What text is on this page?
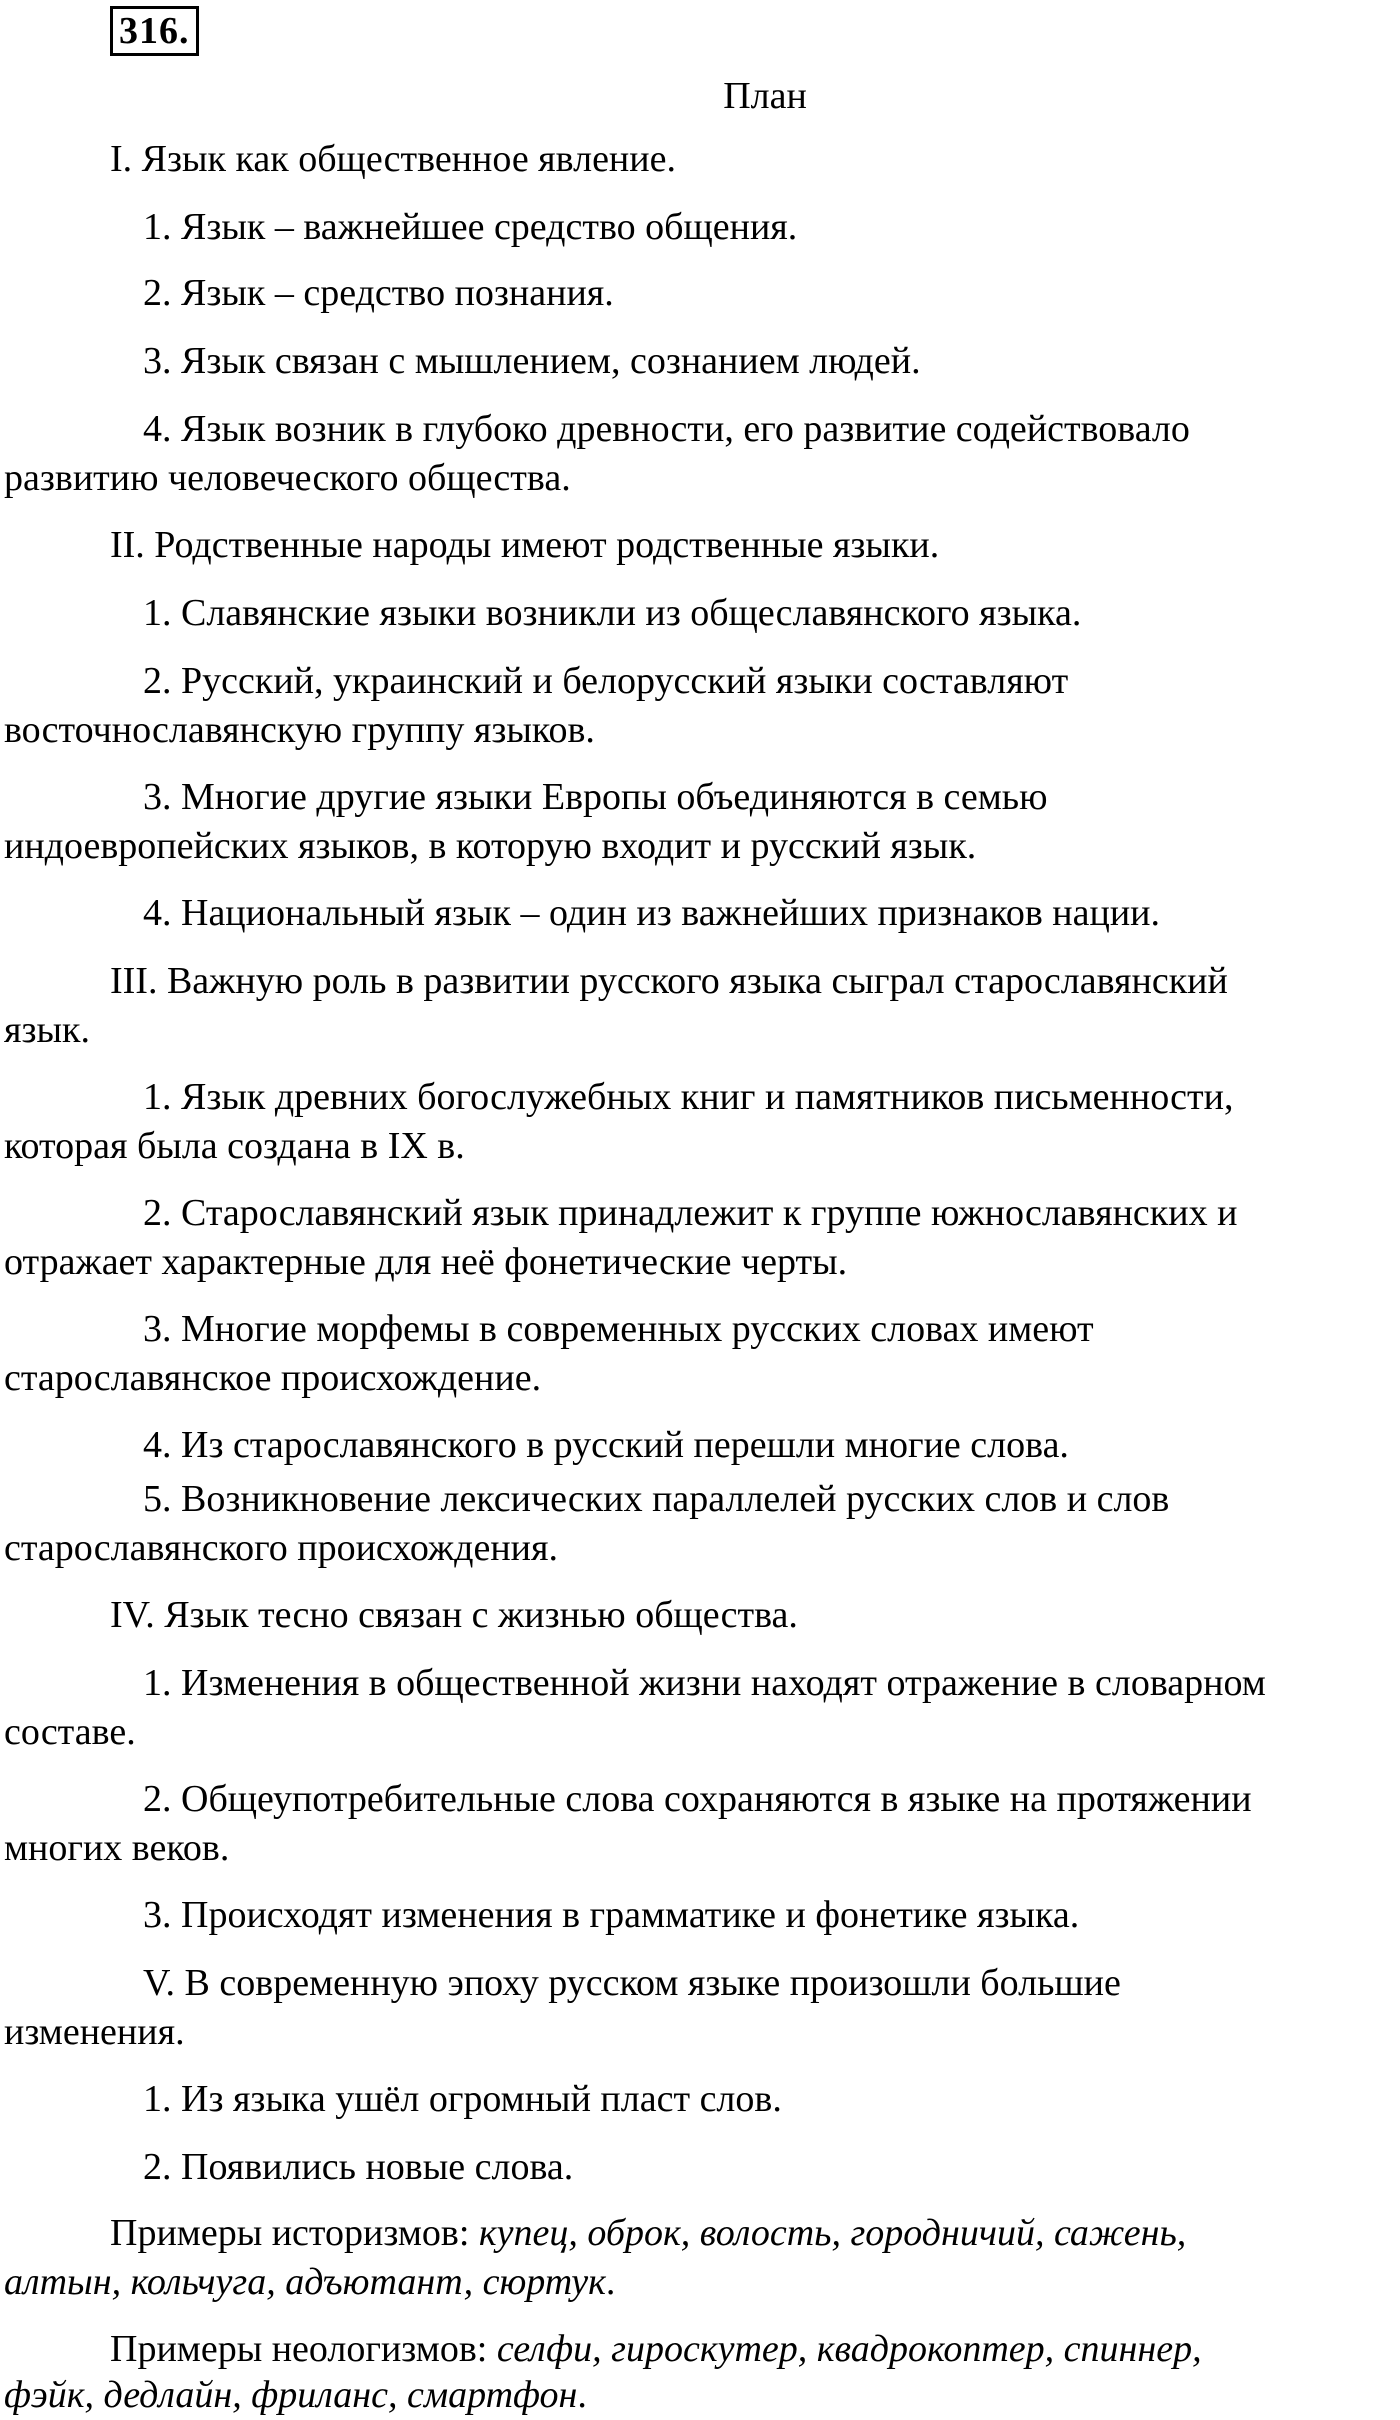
316.
План

I. Язык как общественное явление.

1. Язык – важнейшее средство общения.

2. Язык – средство познания.

3. Язык связан с мышлением, сознанием людей.

4. Язык возник в глубоко древности, его развитие содействовало

развитию человеческого общества.

II. Родственные народы имеют родственные языки.

1. Славянские языки возникли из общеславянского языка.

2. Русский, украинский и белорусский языки составляют

восточнославянскую группу языков.

3. Многие другие языки Европы объединяются в семью

индоевропейских языков, в которую входит и русский язык.

4. Национальный язык – один из важнейших признаков нации.

III. Важную роль в развитии русского языка сыграл старославянский

язык.

1. Язык древних богослужебных книг и памятников письменности,

которая была создана в IX в.

2. Старославянский язык принадлежит к группе южнославянских и

отражает характерные для неё фонетические черты.

3. Многие морфемы в современных русских словах имеют

старославянское происхождение.

4. Из старославянского в русский перешли многие слова.

5. Возникновение лексических параллелей русских слов и слов

старославянского происхождения.

IV. Язык тесно связан с жизнью общества.

1. Изменения в общественной жизни находят отражение в словарном

составе.

2. Общеупотребительные слова сохраняются в языке на протяжении

многих веков.

3. Происходят изменения в грамматике и фонетике языка.

V. В современную эпоху русском языке произошли большие

изменения.

1. Из языка ушёл огромный пласт слов.

2. Появились новые слова.

Примеры историзмов: купец, оброк, волость, городничий, сажень,

алтын, кольчуга, адъютант, сюртук.

Примеры неологизмов: селфи, гироскутер, квадрокоптер, спиннер,

фэйк, дедлайн, фриланс, смартфон.
